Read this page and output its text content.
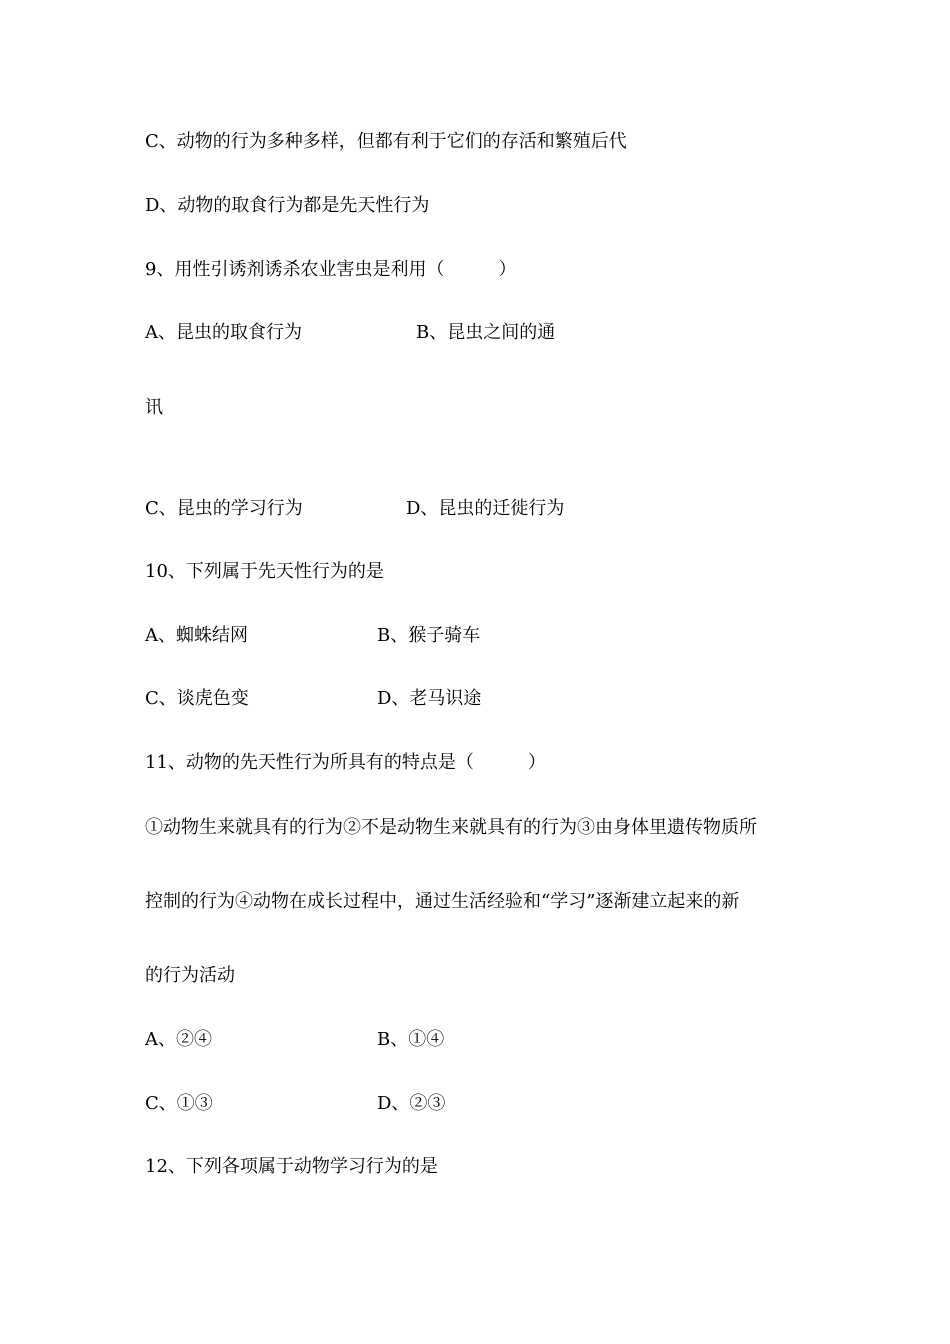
C、动物的行为多种多样，但都有利于它们的存活和繁殖后代
D、动物的取食行为都是先天性行为
9、用性引诱剂诱杀农业害虫是利用（　　　）
A、昆虫的取食行为	B、昆虫之间的通
讯
C、昆虫的学习行为	D、昆虫的迁徙行为
10、下列属于先天性行为的是
A、蜘蛛结网	B、猴子骑车
C、谈虎色变	D、老马识途
11、动物的先天性行为所具有的特点是（　　　）
①动物生来就具有的行为②不是动物生来就具有的行为③由身体里遗传物质所
控制的行为④动物在成长过程中，通过生活经验和“学习”逐渐建立起来的新
的行为活动
A、②④	B、①④
C、①③	D、②③
12、下列各项属于动物学习行为的是
